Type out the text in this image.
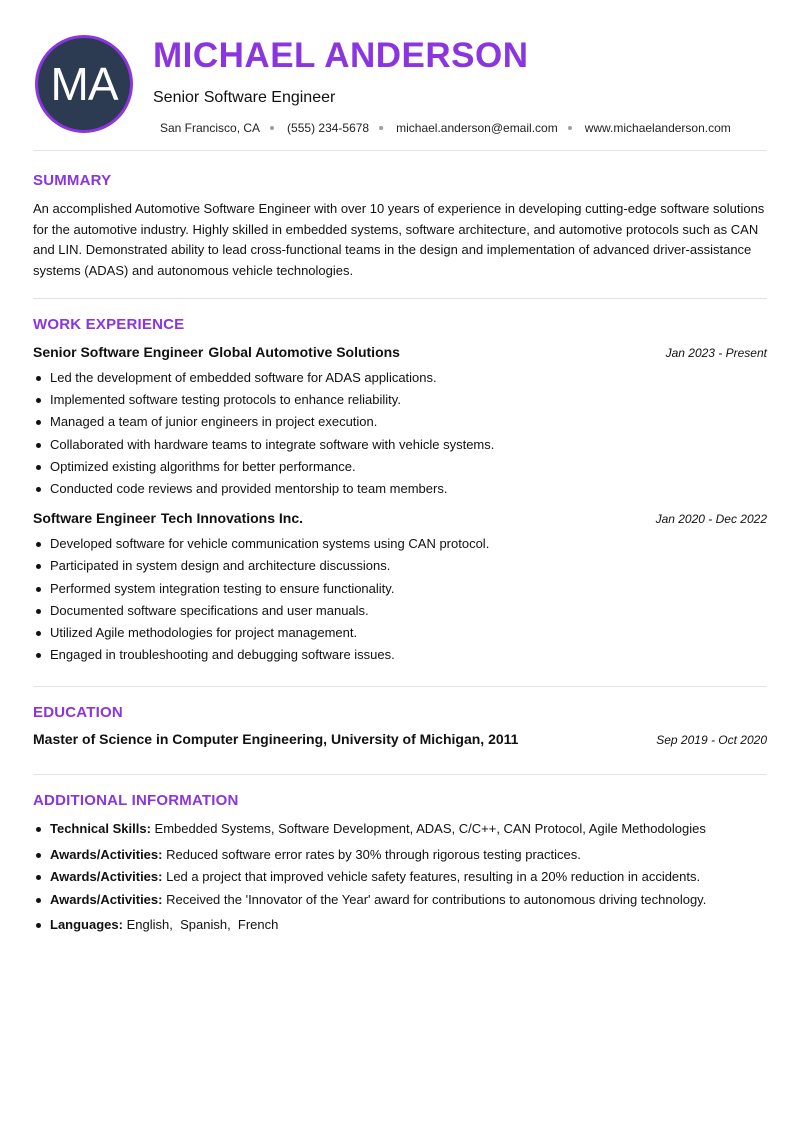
MA
MICHAEL ANDERSON
Senior Software Engineer
San Francisco, CA (555) 234-5678 michael.anderson@email.com www.michaelanderson.com
SUMMARY

An accomplished Automotive Software Engineer with over 10 years of experience in developing cutting-edge software solutions for the automotive industry. Highly skilled in embedded systems, software architecture, and automotive protocols such as CAN and LIN. Demonstrated ability to lead cross-functional teams in the design and implementation of advanced driver-assistance systems (ADAS) and autonomous vehicle technologies.

WORK EXPERIENCE
Senior Software Engineer Global Automotive Solutions	Jan 2023 - Present
Led the development of embedded software for ADAS applications.
Implemented software testing protocols to enhance reliability.
Managed a team of junior engineers in project execution.
Collaborated with hardware teams to integrate software with vehicle systems.
Optimized existing algorithms for better performance.
Conducted code reviews and provided mentorship to team members.
Software Engineer Tech Innovations Inc.	Jan 2020 - Dec 2022
Developed software for vehicle communication systems using CAN protocol.
Participated in system design and architecture discussions.
Performed system integration testing to ensure functionality.
Documented software specifications and user manuals.
Utilized Agile methodologies for project management.
Engaged in troubleshooting and debugging software issues.
EDUCATION
Master of Science in Computer Engineering, University of Michigan, 2011	Sep 2019 - Oct 2020
ADDITIONAL INFORMATION
Technical Skills: Embedded Systems, Software Development, ADAS, C/C++, CAN Protocol, Agile Methodologies
Awards/Activities: Reduced software error rates by 30% through rigorous testing practices.
Awards/Activities: Led a project that improved vehicle safety features, resulting in a 20% reduction in accidents.
Awards/Activities: Received the 'Innovator of the Year' award for contributions to autonomous driving technology.
Languages: English , Spanish , French
